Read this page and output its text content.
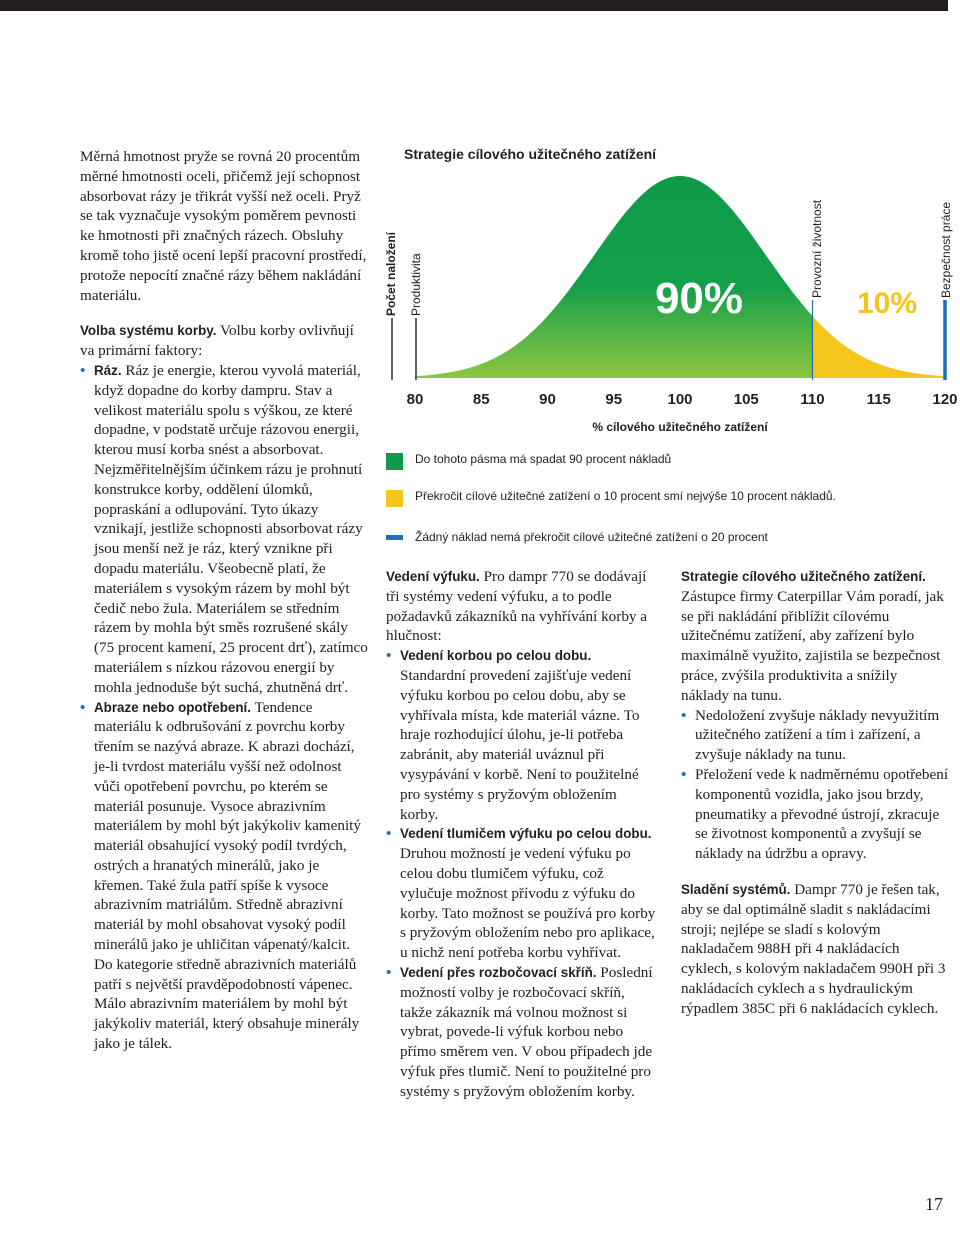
Měrná hmotnost pryže se rovná 20 procentům měrné hmotnosti oceli, přičemž její schopnost absorbovat rázy je třikrát vyšší než oceli. Pryž se tak vyznačuje vysokým poměrem pevnosti ke hmotnosti při značných rázech. Obsluhy kromě toho jistě ocení lepší pracovní prostředí, protože nepocítí značné rázy během nakládání materiálu.

Volba systému korby. Volbu korby ovlivňují va primární faktory:

• Ráz. Ráz je energie, kterou vyvolá materiál, když dopadne do korby dampru. Stav a velikost materiálu spolu s výškou, ze které dopadne, v podstatě určuje rázovou energii, kterou musí korba snést a absorbovat. Nejzměřitelnějším účinkem rázu je prohnutí konstrukce korby, oddělení úlomků, popraskání a odlupování. Tyto úkazy vznikají, jestliže schopnosti absorbovat rázy jsou menší než je ráz, který vznikne při dopadu materiálu. Všeobecně platí, že materiálem s vysokým rázem by mohl být čedič nebo žula. Materiálem se středním rázem by mohla být směs rozrušené skály (75 procent kamení, 25 procent drť), zatímco materiálem s nízkou rázovou energií by mohla jednoduše být suchá, zhutněná drť.
• Abraze nebo opotřebení. Tendence materiálu k odbrušování z povrchu korby třením se nazývá abraze. K abrazi dochází, je-li tvrdost materiálu vyšší než odolnost vůči opotřebení povrchu, po kterém se materiál posunuje. Vysoce abrazivním materiálem by mohl být jakýkoliv kamenitý materiál obsahující vysoký podíl tvrdých, ostrých a hranatých minerálů, jako je křemen. Také žula patří spíše k vysoce abrazivním matriálům. Středně abrazivní materiál by mohl obsahovat vysoký podíl minerálů jako je uhličitan vápenatý/kalcit. Do kategorie středně abrazivních materiálů patří s největší pravděpodobností vápenec. Málo abrazivním materiálem by mohl být jakýkoliv materiál, který obsahuje minerály jako je tálek.
Strategie cílového užitečného zatížení
80	85	90	95	100	105	110	115	120
Počet naložení Produktivita	Provozní životnost	Bezpečnost práce
90%	10%
% cílového užitečného zatížení
Do tohoto pásma má spadat 90 procent nákladů
Překročit cílové užitečné zatížení o 10 procent smí nejvýše 10 procent nákladů.
Žádný náklad nemá překročit cílové užitečné zatížení o 20 procent

Vedení výfuku. Pro dampr 770 se dodávají tři systémy vedení výfuku, a to podle požadavků zákazníků na vyhřívání korby a hlučnost:

• Vedení korbou po celou dobu. Standardní provedení zajišťuje vedení výfuku korbou po celou dobu, aby se vyhřívala místa, kde materiál vázne. To hraje rozhodující úlohu, je-li potřeba zabránit, aby materiál uváznul při vysypávání v korbě. Není to použitelné pro systémy s pryžovým obložením korby.
• Vedení tlumičem výfuku po celou dobu. Druhou možností je vedení výfuku po celou dobu tlumičem výfuku, což vylučuje možnost přívodu z výfuku do korby. Tato možnost se používá pro korby s pryžovým obložením nebo pro aplikace, u nichž není potřeba korbu vyhřívat.
• Vedení přes rozbočovací skříň. Poslední možností volby je rozbočovací skříň, takže zákazník má volnou možnost si vybrat, povede-li výfuk korbou nebo přímo směrem ven. V obou případech jde výfuk přes tlumič. Není to použitelné pro systémy s pryžovým obložením korby.

Strategie cílového užitečného zatížení. Zástupce firmy Caterpillar Vám poradí, jak se při nakládání přiblížit cílovému užitečnému zatížení, aby zařízení bylo maximálně využito, zajistila se bezpečnost práce, zvýšila produktivita a snížily náklady na tunu.

• Nedoložení zvyšuje náklady nevyužitím užitečného zatížení a tím i zařízení, a zvyšuje náklady na tunu.
• Přeložení vede k nadměrnému opotřebení komponentů vozidla, jako jsou brzdy, pneumatiky a převodné ústrojí, zkracuje se životnost komponentů a zvyšují se náklady na údržbu a opravy.

Sladění systémů. Dampr 770 je řešen tak, aby se dal optimálně sladit s nakládacími stroji; nejlépe se sladí s kolovým nakladačem 988H při 4 nakládacích cyklech, s kolovým nakladačem 990H při 3 nakládacích cyklech a s hydraulickým rýpadlem 385C při 6 nakládacích cyklech.

17
